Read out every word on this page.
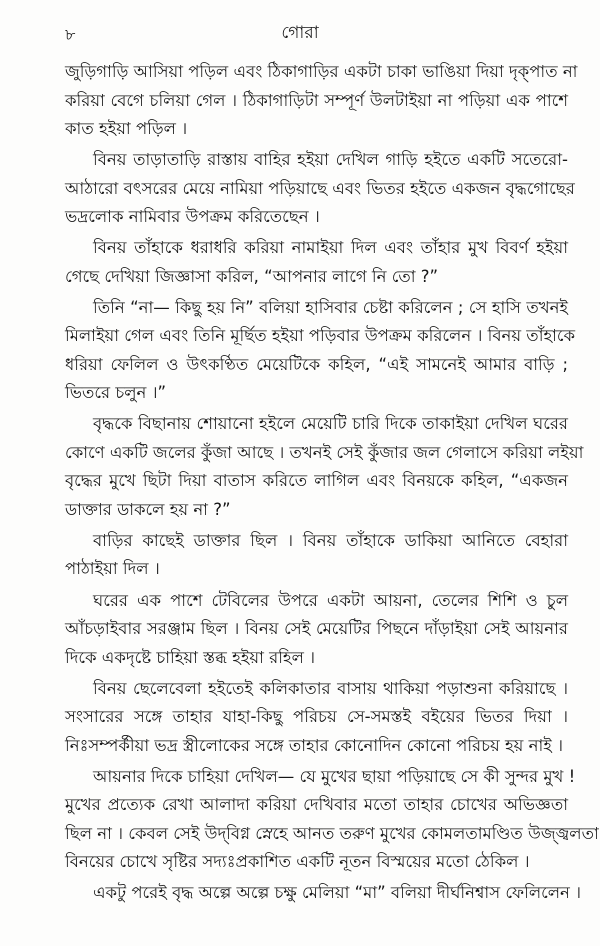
৮	গোরা
জুড়িগাড়ি আসিয়া পড়িল এবং ঠিকাগাড়ির একটা চাকা ভাঙিয়া দিয়া দৃক্‌পাত না
করিয়া বেগে চলিয়া গেল । ঠিকাগাড়িটা সম্পূর্ণ উলটাইয়া না পড়িয়া এক পাশে
কাত হইয়া পড়িল ।
বিনয় তাড়াতাড়ি রাস্তায় বাহির হইয়া দেখিল গাড়ি হইতে একটি সতেরো-
আঠারো বৎসরের মেয়ে নামিয়া পড়িয়াছে এবং ভিতর হইতে একজন বৃদ্ধগোছের
ভদ্রলোক নামিবার উপক্রম করিতেছেন ।
বিনয় তাঁহাকে ধরাধরি করিয়া নামাইয়া দিল এবং তাঁহার মুখ বিবর্ণ হইয়া
গেছে দেখিয়া জিজ্ঞাসা করিল, “আপনার লাগে নি তো ?”
তিনি “না— কিছু হয় নি” বলিয়া হাসিবার চেষ্টা করিলেন ; সে হাসি তখনই
মিলাইয়া গেল এবং তিনি মূর্ছিত হইয়া পড়িবার উপক্রম করিলেন । বিনয় তাঁহাকে
ধরিয়া ফেলিল ও উৎকণ্ঠিত মেয়েটিকে কহিল, “এই সামনেই আমার বাড়ি ;
ভিতরে চলুন ।”
বৃদ্ধকে বিছানায় শোয়ানো হইলে মেয়েটি চারি দিকে তাকাইয়া দেখিল ঘরের
কোণে একটি জলের কুঁজা আছে । তখনই সেই কুঁজার জল গেলাসে করিয়া লইয়া
বৃদ্ধের মুখে ছিটা দিয়া বাতাস করিতে লাগিল এবং বিনয়কে কহিল, “একজন
ডাক্তার ডাকলে হয় না ?”
বাড়ির কাছেই ডাক্তার ছিল । বিনয় তাঁহাকে ডাকিয়া আনিতে বেহারা
পাঠাইয়া দিল ।
ঘরের এক পাশে টেবিলের উপরে একটা আয়না, তেলের শিশি ও চুল
আঁচড়াইবার সরঞ্জাম ছিল । বিনয় সেই মেয়েটির পিছনে দাঁড়াইয়া সেই আয়নার
দিকে একদৃষ্টে চাহিয়া স্তব্ধ হইয়া রহিল ।
বিনয় ছেলেবেলা হইতেই কলিকাতার বাসায় থাকিয়া পড়াশুনা করিয়াছে ।
সংসারের সঙ্গে তাহার যাহা-কিছু পরিচয় সে-সমস্তই বইয়ের ভিতর দিয়া ।
নিঃসম্পর্কীয়া ভদ্র স্ত্রীলোকের সঙ্গে তাহার কোনোদিন কোনো পরিচয় হয় নাই ।
আয়নার দিকে চাহিয়া দেখিল— যে মুখের ছায়া পড়িয়াছে সে কী সুন্দর মুখ !
মুখের প্রত্যেক রেখা আলাদা করিয়া দেখিবার মতো তাহার চোখের অভিজ্ঞতা
ছিল না । কেবল সেই উদ্‌বিগ্ন স্নেহে আনত তরুণ মুখের কোমলতামণ্ডিত উজ্জ্বলতা
বিনয়ের চোখে সৃষ্টির সদ্যঃপ্রকাশিত একটি নূতন বিস্ময়ের মতো ঠেকিল ।
একটু পরেই বৃদ্ধ অল্পে অল্পে চক্ষু মেলিয়া “মা” বলিয়া দীর্ঘনিশ্বাস ফেলিলেন ।
